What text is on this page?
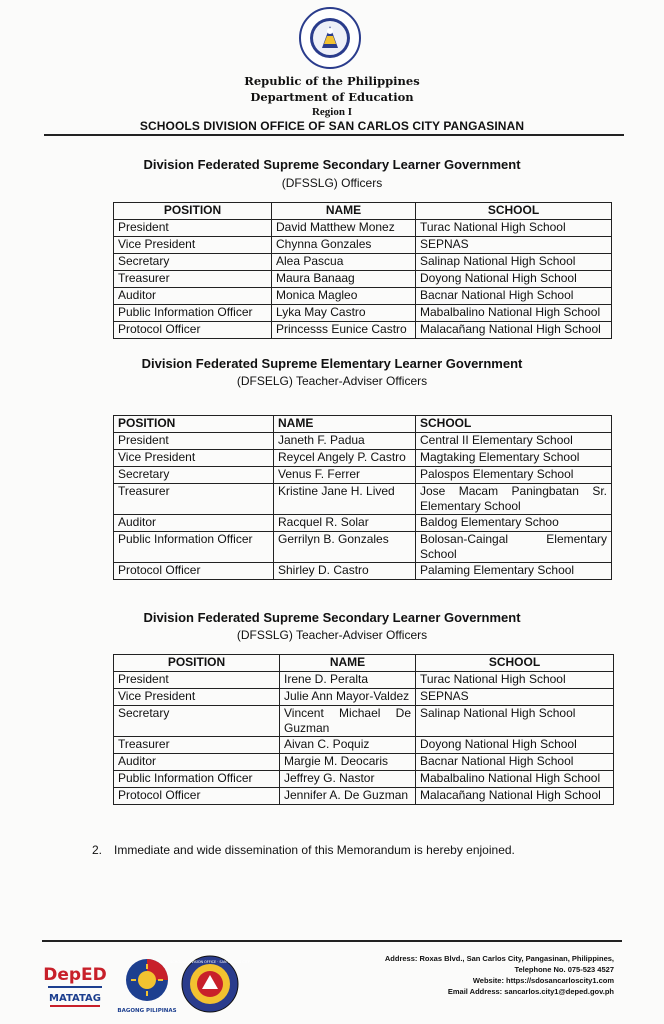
Republic of the Philippines
Department of Education
Region I
SCHOOLS DIVISION OFFICE OF SAN CARLOS CITY PANGASINAN
Division Federated Supreme Secondary Learner Government
(DFSSLG) Officers
POSITION	NAME	SCHOOL
President	David Matthew Monez	Turac National High School
Vice President	Chynna Gonzales	SEPNAS
Secretary	Alea Pascua	Salinap National High School
Treasurer	Maura Banaag	Doyong National High School
Auditor	Monica Magleo	Bacnar National High School
Public Information Officer	Lyka May Castro	Mabalbalino National High School
Protocol Officer	Princesss Eunice Castro	Malacañang National High School
Division Federated Supreme Elementary Learner Government
(DFSELG) Teacher-Adviser Officers
POSITION	NAME	SCHOOL
President	Janeth F. Padua	Central II Elementary School
Vice President	Reycel Angely P. Castro	Magtaking Elementary School
Secretary	Venus F. Ferrer	Palospos Elementary School
Treasurer	Kristine Jane H. Lived	Jose Macam Paningbatan Sr. Elementary School
Auditor	Racquel R. Solar	Baldog Elementary Schoo
Public Information Officer	Gerrilyn B. Gonzales	Bolosan-Caingal Elementary School
Protocol Officer	Shirley D. Castro	Palaming Elementary School
Division Federated Supreme Secondary Learner Government
(DFSSLG) Teacher-Adviser Officers
POSITION	NAME	SCHOOL
President	Irene D. Peralta	Turac National High School
Vice President	Julie Ann Mayor-Valdez	SEPNAS
Secretary	Vincent Michael De Guzman	Salinap National High School
Treasurer	Aivan C. Poquiz	Doyong National High School
Auditor	Margie M. Deocaris	Bacnar National High School
Public Information Officer	Jeffrey G. Nastor	Mabalbalino National High School
Protocol Officer	Jennifer A. De Guzman	Malacañang National High School
2. Immediate and wide dissemination of this Memorandum is hereby enjoined.
DepED
MATATAG
BAGONG PILIPINAS
SCHOOLS DIVISION OFFICE · SAN CARLOS CITY	Address: Roxas Blvd., San Carlos City, Pangasinan, Philippines,
Telephone No. 075-523 4527
Website: https://sdosancarloscity1.com
Email Address: sancarlos.city1@deped.gov.ph
